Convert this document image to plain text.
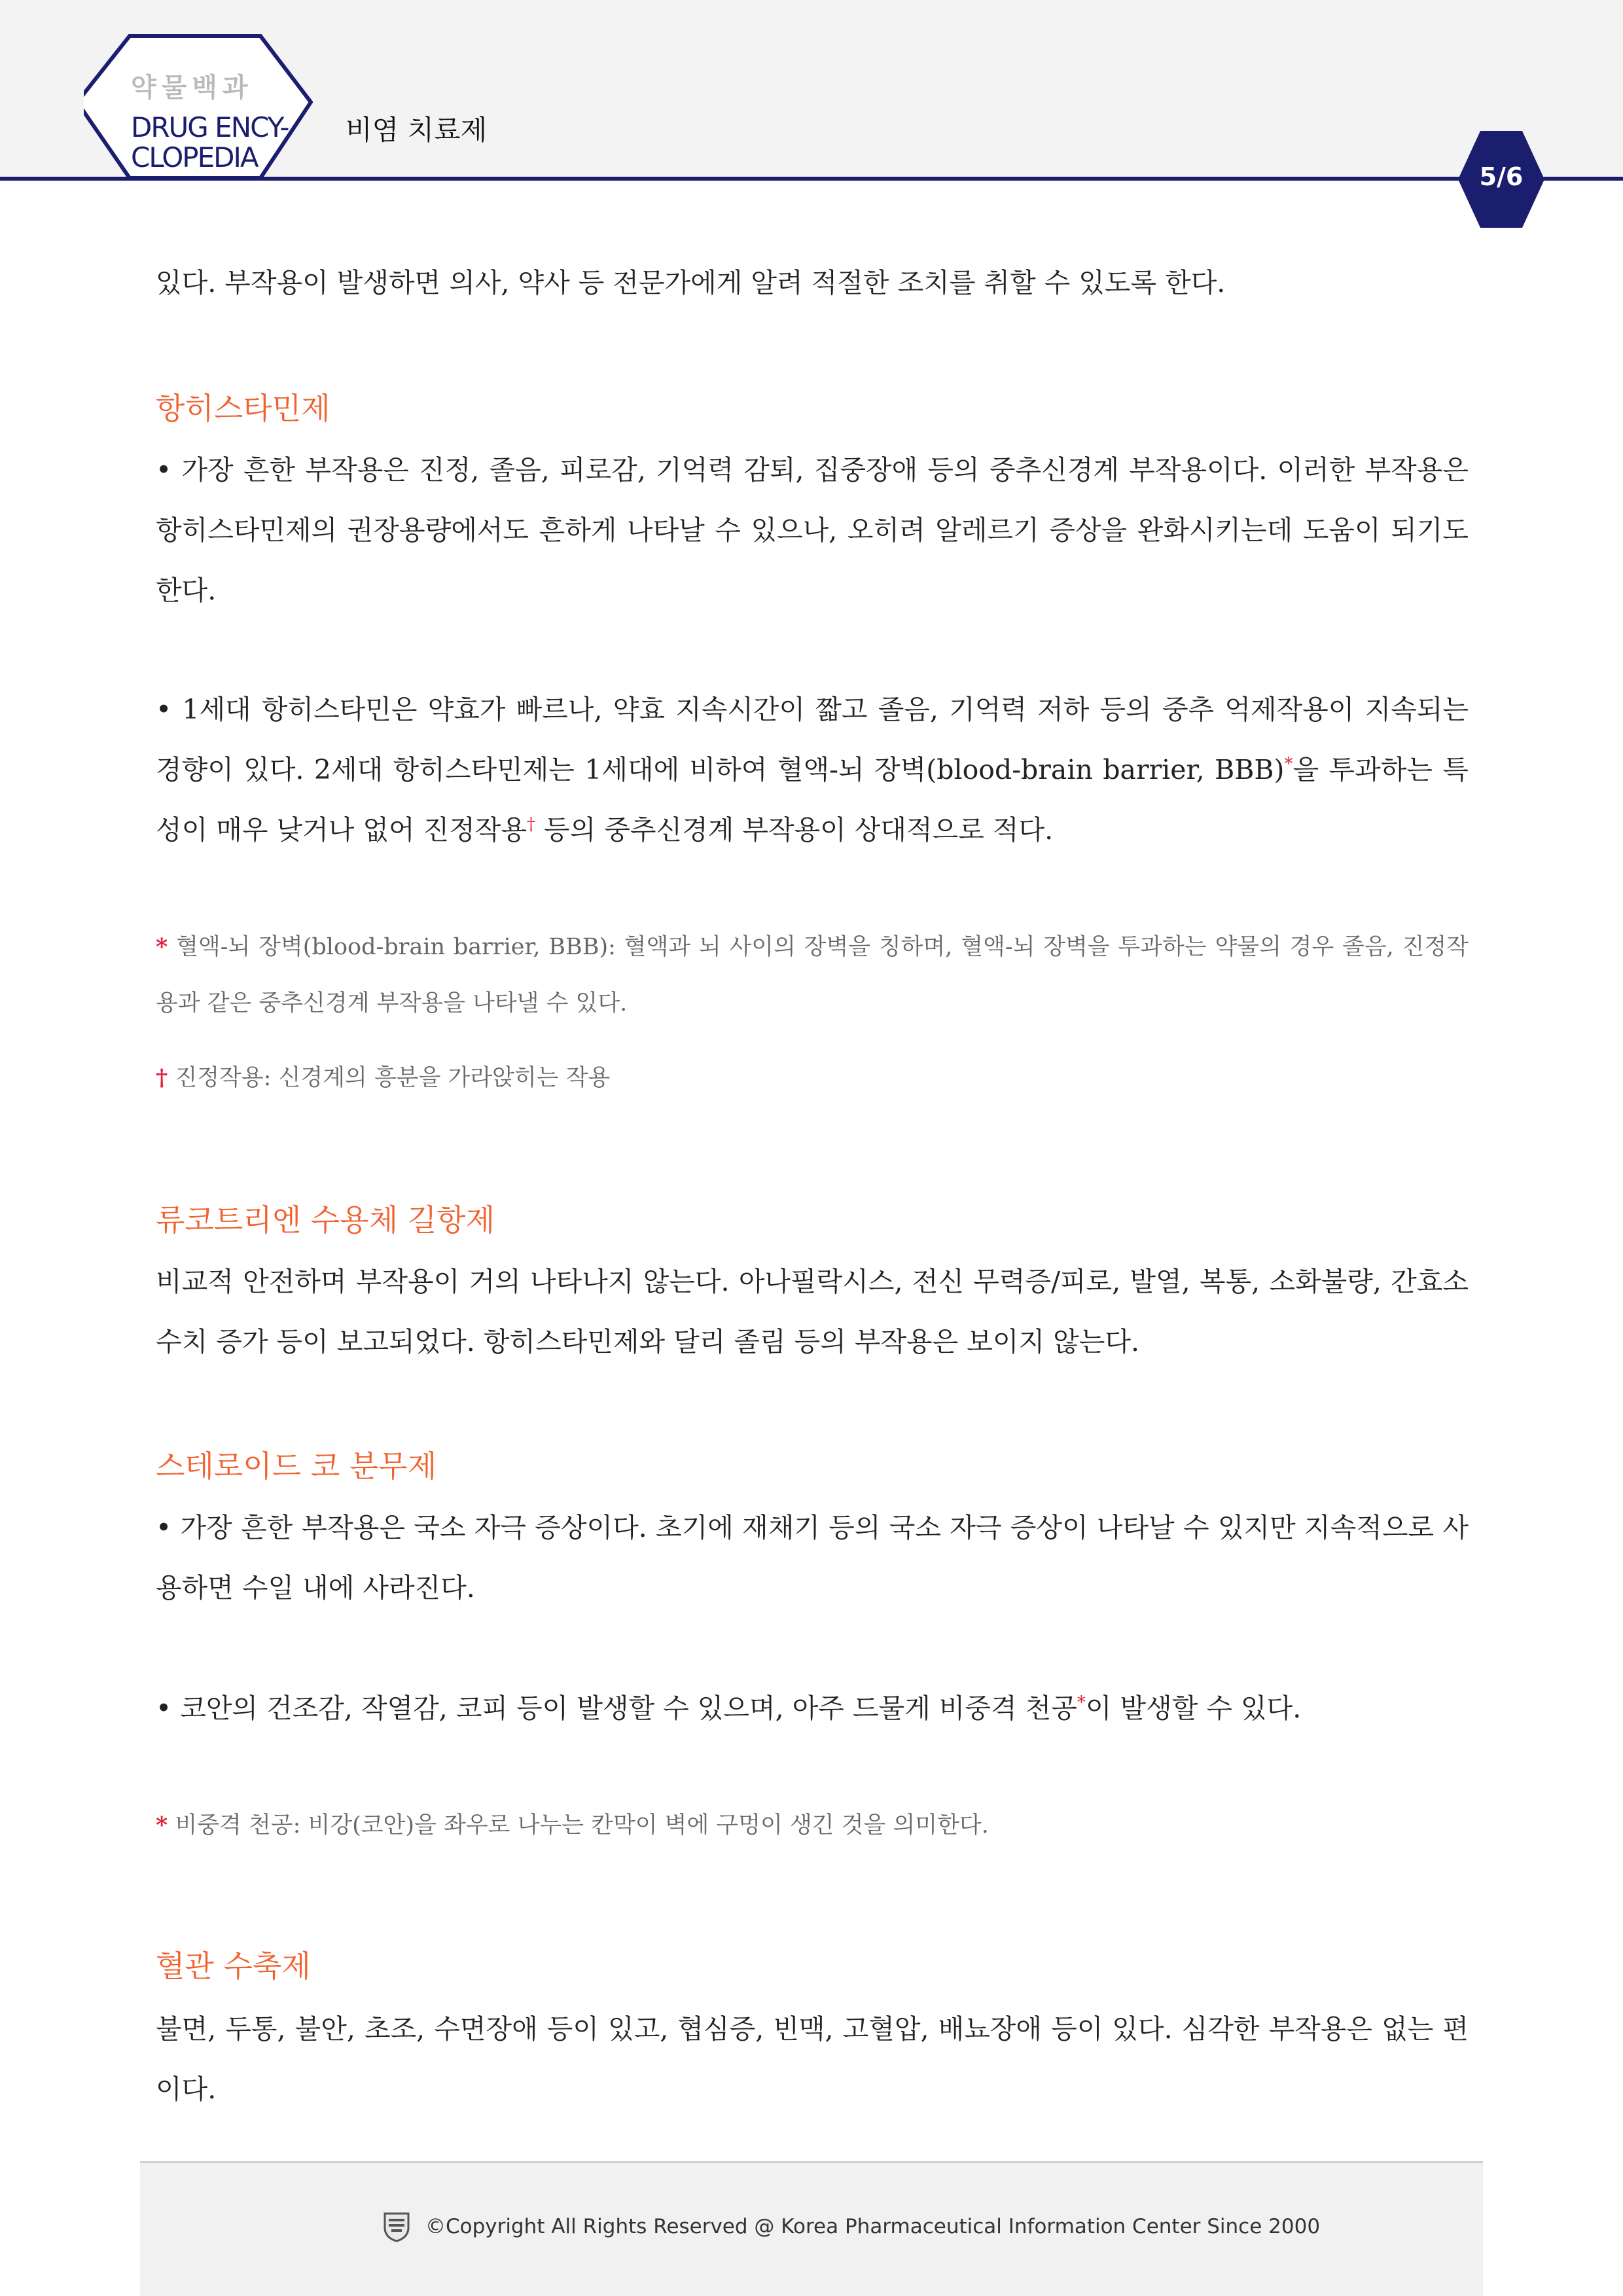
약물백과
DRUG ENCY-
CLOPEDIA
비염 치료제
5/6
있다. 부작용이 발생하면 의사, 약사 등 전문가에게 알려 적절한 조치를 취할 수 있도록 한다.
항히스타민제
• 가장 흔한 부작용은 진정, 졸음, 피로감, 기억력 감퇴, 집중장애 등의 중추신경계 부작용이다. 이러한 부작용은 항히스타민제의 권장용량에서도 흔하게 나타날 수 있으나, 오히려 알레르기 증상을 완화시키는데 도움이 되기도 한다.
• 1세대 항히스타민은 약효가 빠르나, 약효 지속시간이 짧고 졸음, 기억력 저하 등의 중추 억제작용이 지속되는 경향이 있다. 2세대 항히스타민제는 1세대에 비하여 혈액-뇌 장벽(blood-brain barrier, BBB)*을 투과하는 특성이 매우 낮거나 없어 진정작용† 등의 중추신경계 부작용이 상대적으로 적다.
* 혈액-뇌 장벽(blood-brain barrier, BBB): 혈액과 뇌 사이의 장벽을 칭하며, 혈액-뇌 장벽을 투과하는 약물의 경우 졸음, 진정작용과 같은 중추신경계 부작용을 나타낼 수 있다.
† 진정작용: 신경계의 흥분을 가라앉히는 작용
류코트리엔 수용체 길항제
비교적 안전하며 부작용이 거의 나타나지 않는다. 아나필락시스, 전신 무력증/피로, 발열, 복통, 소화불량, 간효소 수치 증가 등이 보고되었다. 항히스타민제와 달리 졸림 등의 부작용은 보이지 않는다.
스테로이드 코 분무제
• 가장 흔한 부작용은 국소 자극 증상이다. 초기에 재채기 등의 국소 자극 증상이 나타날 수 있지만 지속적으로 사용하면 수일 내에 사라진다.
• 코안의 건조감, 작열감, 코피 등이 발생할 수 있으며, 아주 드물게 비중격 천공*이 발생할 수 있다.
* 비중격 천공: 비강(코안)을 좌우로 나누는 칸막이 벽에 구멍이 생긴 것을 의미한다.
혈관 수축제
불면, 두통, 불안, 초조, 수면장애 등이 있고, 협심증, 빈맥, 고혈압, 배뇨장애 등이 있다. 심각한 부작용은 없는 편이다.
©Copyright All Rights Reserved @ Korea Pharmaceutical Information Center Since 2000
